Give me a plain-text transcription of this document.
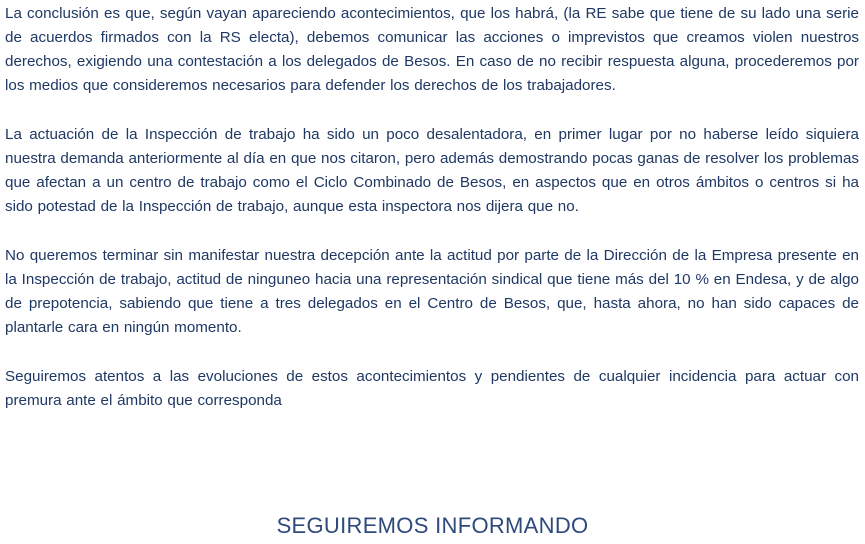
La conclusión es que, según vayan apareciendo acontecimientos, que los habrá, (la RE sabe que tiene de su lado una serie de acuerdos firmados con la RS electa), debemos comunicar las acciones o imprevistos que creamos violen nuestros derechos, exigiendo una contestación a los delegados de Besos. En caso de no recibir respuesta alguna, procederemos por los medios que consideremos necesarios para defender los derechos de los trabajadores.

La actuación de la Inspección de trabajo ha sido un poco desalentadora, en primer lugar por no haberse leído siquiera nuestra demanda anteriormente al día en que nos citaron, pero además demostrando pocas ganas de resolver los problemas que afectan a un centro de trabajo como el Ciclo Combinado de Besos, en aspectos que en otros ámbitos o centros si ha sido potestad de la Inspección de trabajo, aunque esta inspectora nos dijera que no.

No queremos terminar sin manifestar nuestra decepción ante la actitud por parte de la Dirección de la Empresa presente en la Inspección de trabajo, actitud de ninguneo hacia una representación sindical que tiene más del 10 % en Endesa, y de algo de prepotencia, sabiendo que tiene a tres delegados en el Centro de Besos, que, hasta ahora, no han sido capaces de plantarle cara en ningún momento.

Seguiremos atentos a las evoluciones de estos acontecimientos y pendientes de cualquier incidencia para actuar con premura ante el ámbito que corresponda

SEGUIREMOS INFORMANDO
